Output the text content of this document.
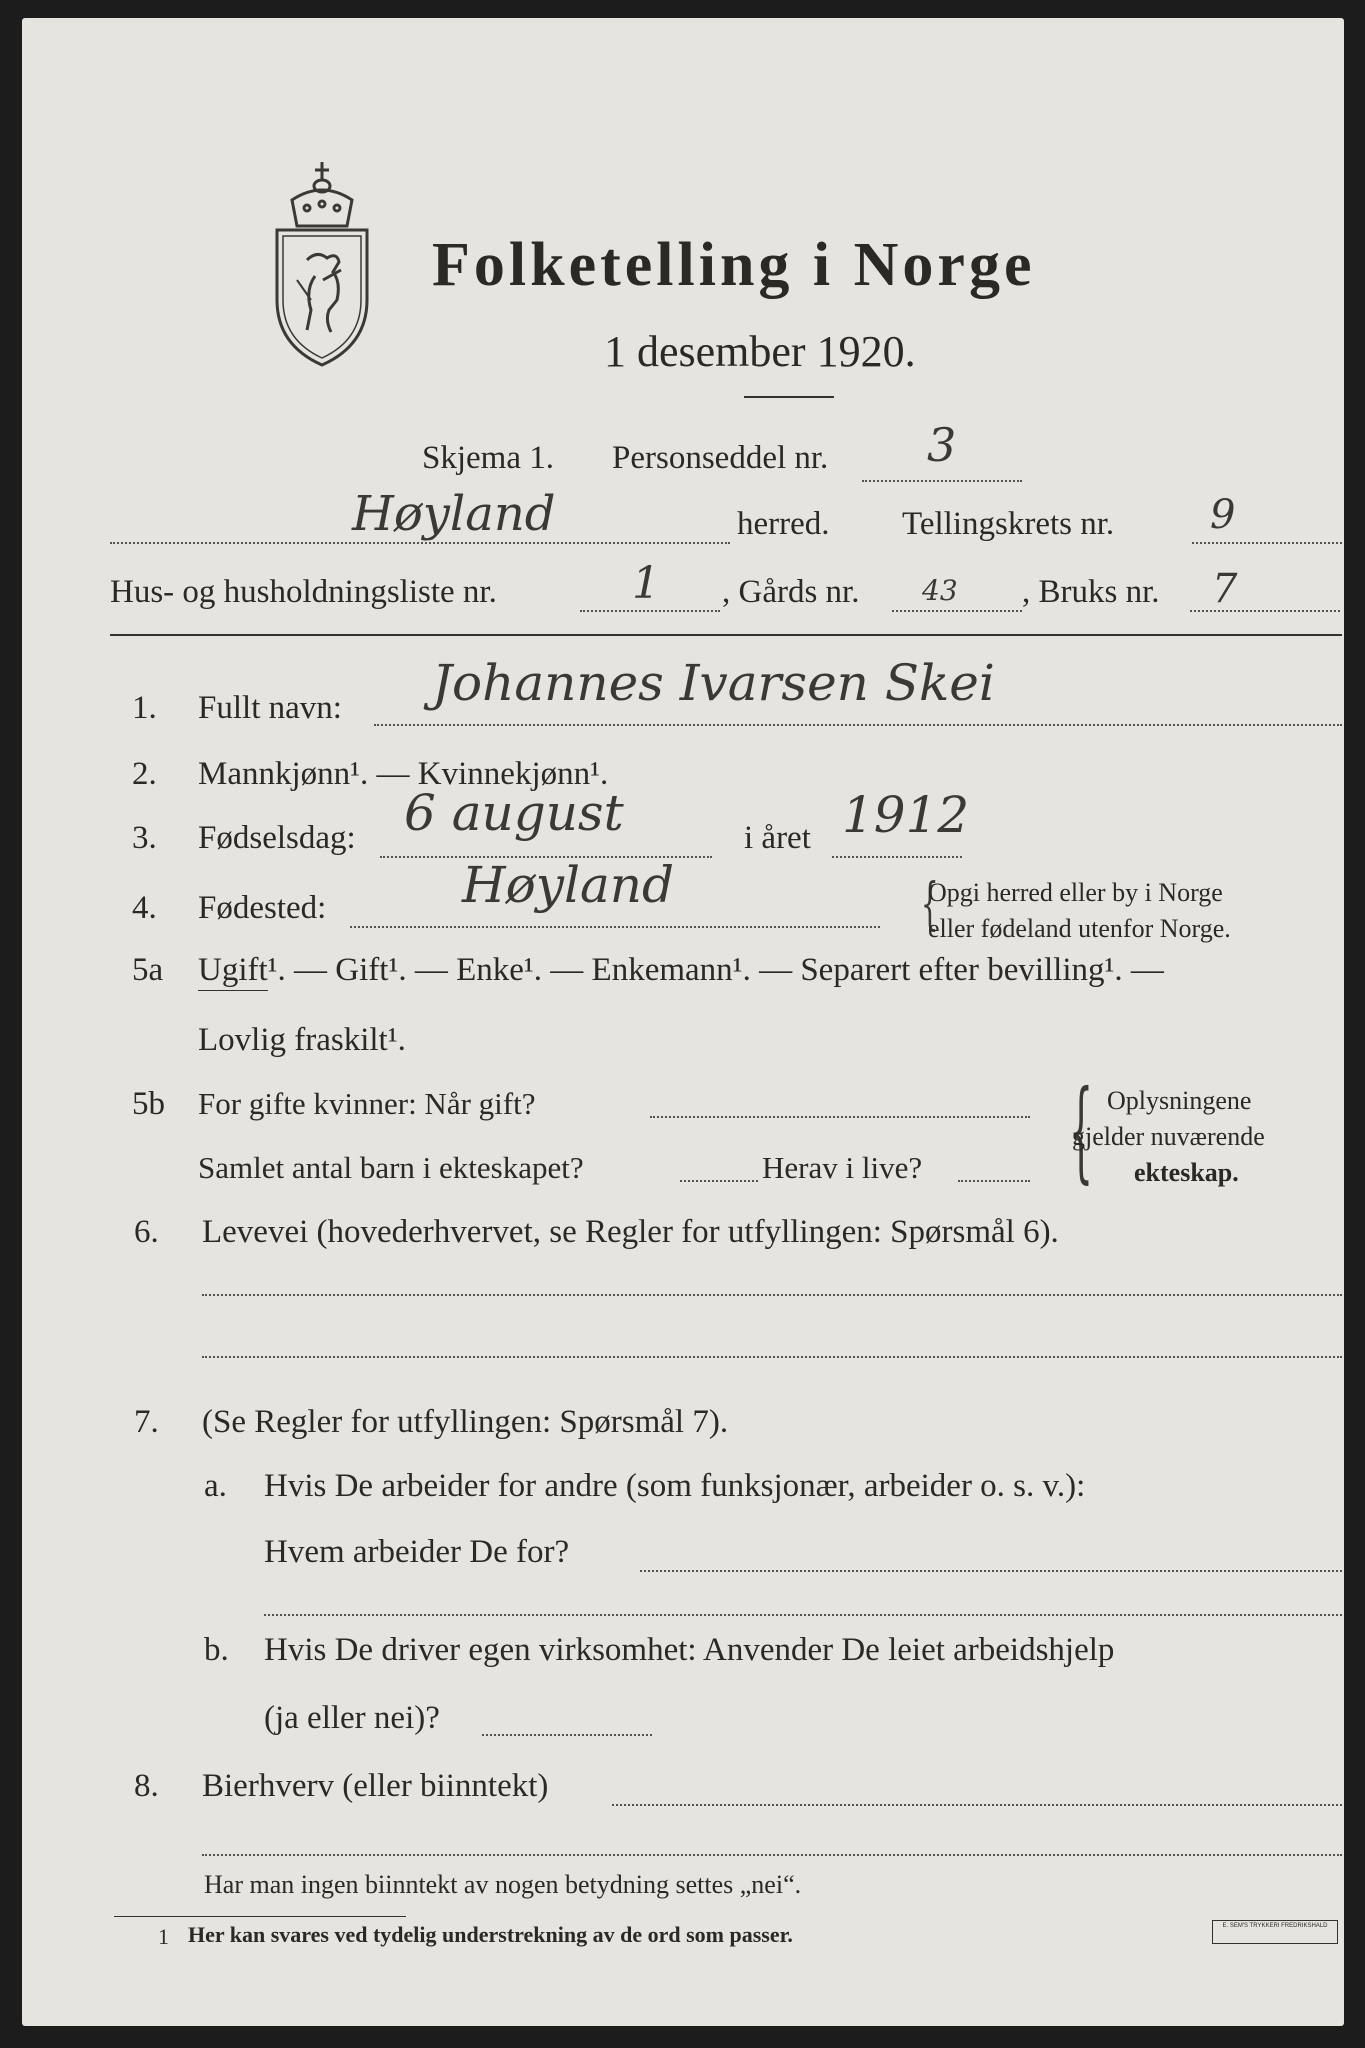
Folketelling i Norge
1 desember 1920.
Skjema 1. Personseddel nr. 3
Høyland	herred. Tellingskrets nr. 9
Hus- og husholdningsliste nr.	1 , Gårds nr. 43 , Bruks nr. 7
1.	Fullt navn: Johannes Ivarsen Skei
2.	Mannkjønn¹. — Kvinnekjønn¹.
3.	Fødselsdag: 6 august	i året 1912
4.	Fødested:	Høyland	{
Opgi herred eller by i Norge
eller fødeland utenfor Norge.
5a	Ugift¹. — Gift¹. — Enke¹. — Enkemann¹. — Separert efter bevilling¹. —
Lovlig fraskilt¹.
5b	For gifte kvinner: Når gift?
Samlet antal barn i ekteskapet?	Herav i live? { Oplysningene
gjelder nuværende
ekteskap.
6.	Levevei (hovederhvervet, se Regler for utfyllingen: Spørsmål 6).
7.	(Se Regler for utfyllingen: Spørsmål 7).
a. Hvis De arbeider for andre (som funksjonær, arbeider o. s. v.):
Hvem arbeider De for?
b. Hvis De driver egen virksomhet: Anvender De leiet arbeidshjelp
(ja eller nei)?
8.	Bierhverv (eller biinntekt)
Har man ingen biinntekt av nogen betydning settes „nei“.
1 Her kan svares ved tydelig understrekning av de ord som passer.	E. SEM'S TRYKKERI FREDRIKSHALD
